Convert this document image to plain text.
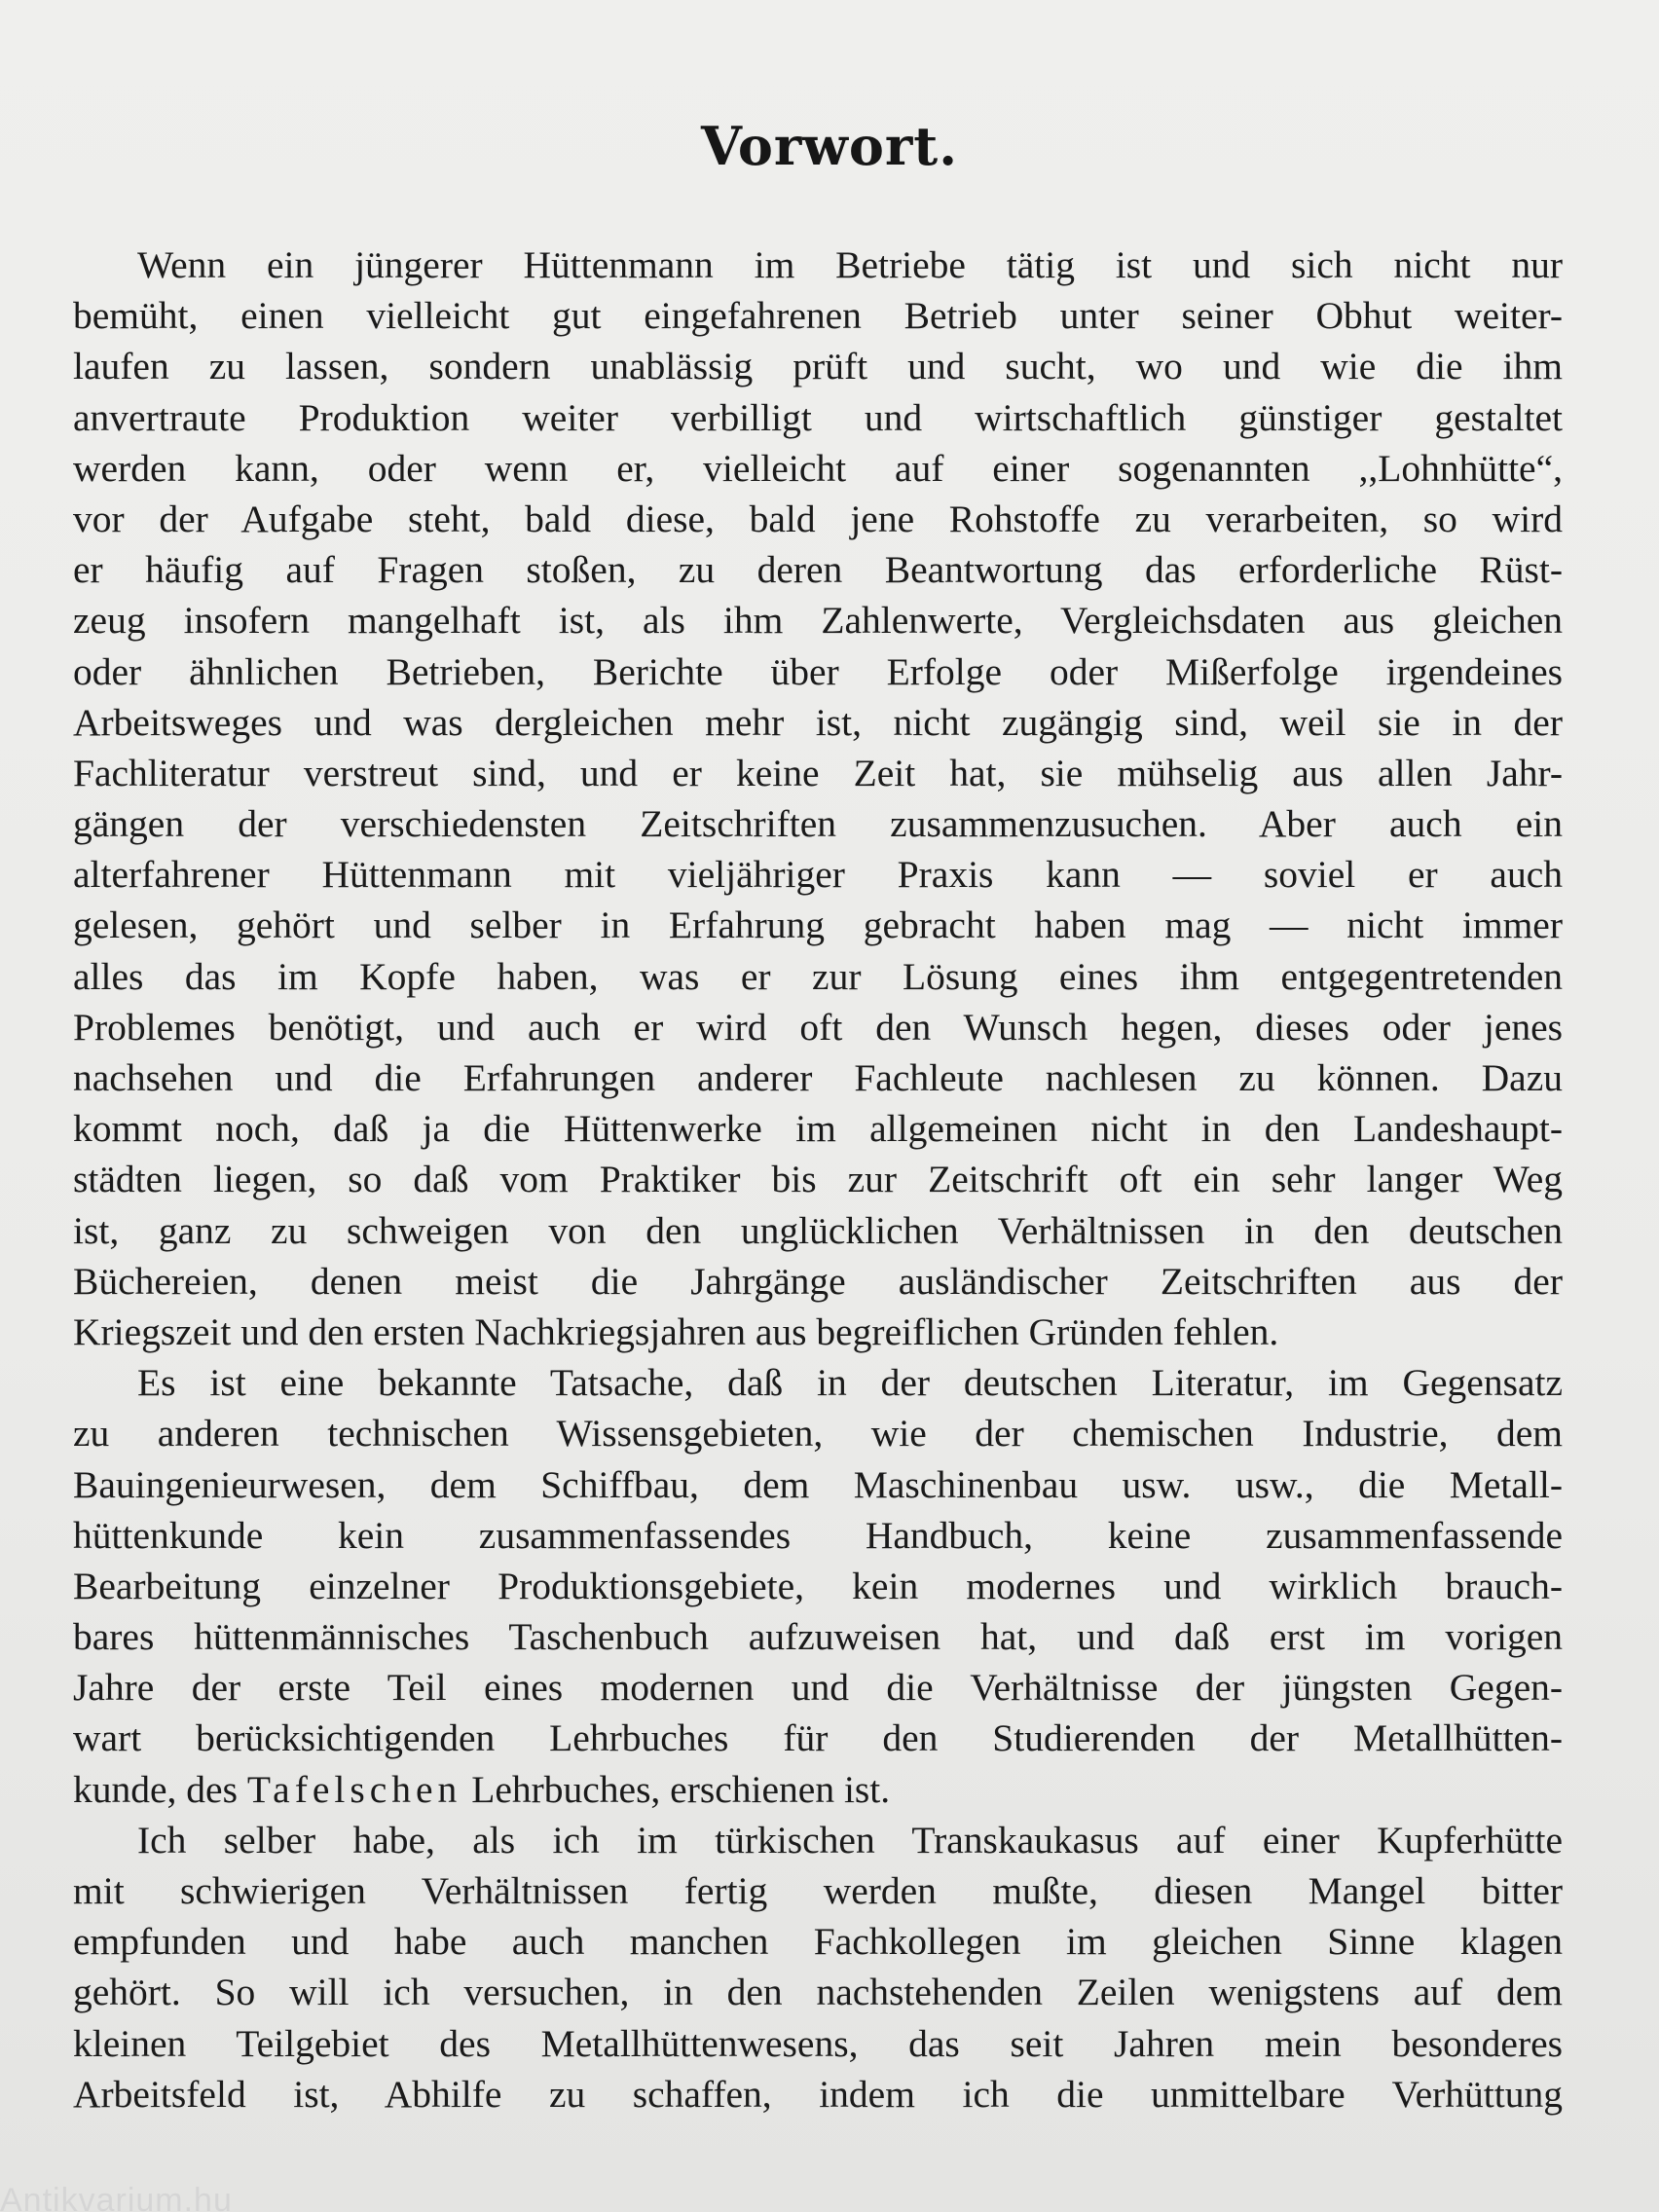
Vorwort.
Wenn ein jüngerer Hüttenmann im Betriebe tätig ist und sich nicht nur
bemüht, einen vielleicht gut eingefahrenen Betrieb unter seiner Obhut weiter-
laufen zu lassen, sondern unablässig prüft und sucht, wo und wie die ihm
anvertraute Produktion weiter verbilligt und wirtschaftlich günstiger gestaltet
werden kann, oder wenn er, vielleicht auf einer sogenannten ,,Lohnhütte“,
vor der Aufgabe steht, bald diese, bald jene Rohstoffe zu verarbeiten, so wird
er häufig auf Fragen stoßen, zu deren Beantwortung das erforderliche Rüst-
zeug insofern mangelhaft ist, als ihm Zahlenwerte, Vergleichsdaten aus gleichen
oder ähnlichen Betrieben, Berichte über Erfolge oder Mißerfolge irgendeines
Arbeitsweges und was dergleichen mehr ist, nicht zugängig sind, weil sie in der
Fachliteratur verstreut sind, und er keine Zeit hat, sie mühselig aus allen Jahr-
gängen der verschiedensten Zeitschriften zusammenzusuchen. Aber auch ein
alterfahrener Hüttenmann mit vieljähriger Praxis kann — soviel er auch
gelesen, gehört und selber in Erfahrung gebracht haben mag — nicht immer
alles das im Kopfe haben, was er zur Lösung eines ihm entgegentretenden
Problemes benötigt, und auch er wird oft den Wunsch hegen, dieses oder jenes
nachsehen und die Erfahrungen anderer Fachleute nachlesen zu können. Dazu
kommt noch, daß ja die Hüttenwerke im allgemeinen nicht in den Landeshaupt-
städten liegen, so daß vom Praktiker bis zur Zeitschrift oft ein sehr langer Weg
ist, ganz zu schweigen von den unglücklichen Verhältnissen in den deutschen
Büchereien, denen meist die Jahrgänge ausländischer Zeitschriften aus der
Kriegszeit und den ersten Nachkriegsjahren aus begreiflichen Gründen fehlen.
Es ist eine bekannte Tatsache, daß in der deutschen Literatur, im Gegensatz
zu anderen technischen Wissensgebieten, wie der chemischen Industrie, dem
Bauingenieurwesen, dem Schiffbau, dem Maschinenbau usw. usw., die Metall-
hüttenkunde kein zusammenfassendes Handbuch, keine zusammenfassende
Bearbeitung einzelner Produktionsgebiete, kein modernes und wirklich brauch-
bares hüttenmännisches Taschenbuch aufzuweisen hat, und daß erst im vorigen
Jahre der erste Teil eines modernen und die Verhältnisse der jüngsten Gegen-
wart berücksichtigenden Lehrbuches für den Studierenden der Metallhütten-
kunde, des Tafelschen Lehrbuches, erschienen ist.
Ich selber habe, als ich im türkischen Transkaukasus auf einer Kupferhütte
mit schwierigen Verhältnissen fertig werden mußte, diesen Mangel bitter
empfunden und habe auch manchen Fachkollegen im gleichen Sinne klagen
gehört. So will ich versuchen, in den nachstehenden Zeilen wenigstens auf dem
kleinen Teilgebiet des Metallhüttenwesens, das seit Jahren mein besonderes
Arbeitsfeld ist, Abhilfe zu schaffen, indem ich die unmittelbare Verhüttung
Antikvarium.hu
